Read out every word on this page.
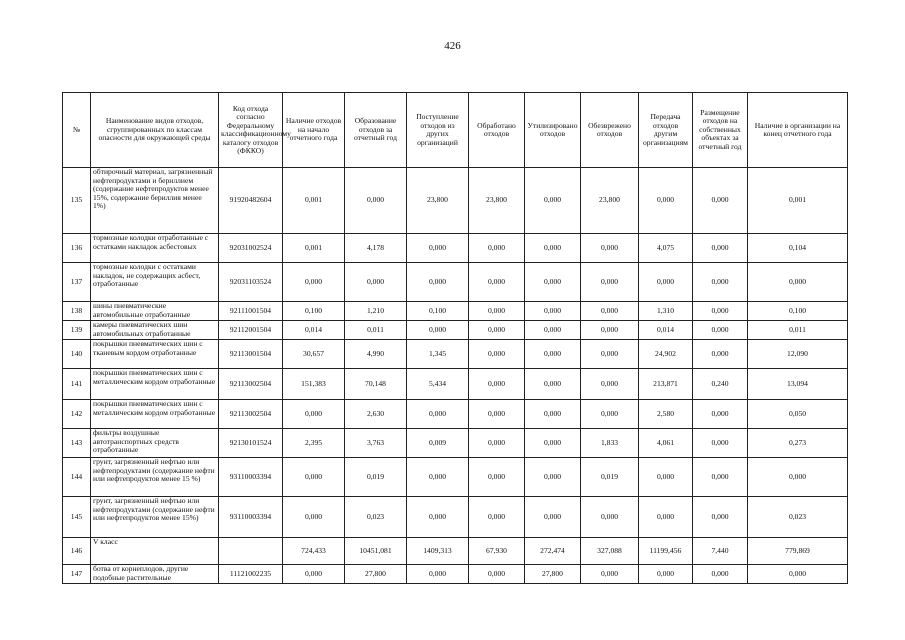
426
№	Наименование видов отходов, сгруппированных по классам опасности для окружающей среды	Код отхода согласно Федеральному классификационному каталогу отходов (ФККО)	Наличие отходов на начало отчетного года	Образование отходов за отчетный год	Поступление отходов из других организаций	Обработано отходов	Утилизировано отходов	Обезврежено отходов	Передача отходов другим организациям	Размещение отходов на собственных объектах за отчетный год	Наличие в организации на конец отчетного года
135	обтирочный материал, загрязненный нефтепродуктами и бериллием (содержание нефтепродуктов менее 15%, содержание бериллия менее 1%)	91920482604	0,001	0,000	23,800	23,800	0,000	23,800	0,000	0,000	0,001
136	тормозные колодки отработанные с остатками накладок асбестовых	92031002524	0,001	4,178	0,000	0,000	0,000	0,000	4,075	0,000	0,104
137	тормозные колодки с остатками накладок, не содержащих асбест, отработанные	92031103524	0,000	0,000	0,000	0,000	0,000	0,000	0,000	0,000	0,000
138	шины пневматические автомобильные отработанные	92111001504	0,100	1,210	0,100	0,000	0,000	0,000	1,310	0,000	0,100
139	камеры пневматических шин автомобильных отработанные	92112001504	0,014	0,011	0,000	0,000	0,000	0,000	0,014	0,000	0,011
140	покрышки пневматических шин с тканевым кордом отработанные	92113001504	30,657	4,990	1,345	0,000	0,000	0,000	24,902	0,000	12,090
141	покрышки пневматических шин с металлическим кордом отработанные	92113002504	151,383	70,148	5,434	0,000	0,000	0,000	213,871	0,240	13,094
142	покрышки пневматических шин с металлическим кордом отработанные	92113002504	0,000	2,630	0,000	0,000	0,000	0,000	2,580	0,000	0,050
143	фильтры воздушные автотранспортных средств отработанные	92130101524	2,395	3,763	0,009	0,000	0,000	1,833	4,061	0,000	0,273
144	грунт, загрязненный нефтью или нефтепродуктами (содержание нефти или нефтепродуктов менее 15 %)	93110003394	0,000	0,019	0,000	0,000	0,000	0,019	0,000	0,000	0,000
145	грунт, загрязненный нефтью или нефтепродуктами (содержание нефти или нефтепродуктов менее 15%)	93110003394	0,000	0,023	0,000	0,000	0,000	0,000	0,000	0,000	0,023
146	V класс		724,433	10451,081	1409,313	67,930	272,474	327,088	11199,456	7,440	779,869
147	ботва от корнеплодов, другие подобные растительные	11121002235	0,000	27,800	0,000	0,000	27,800	0,000	0,000	0,000	0,000
